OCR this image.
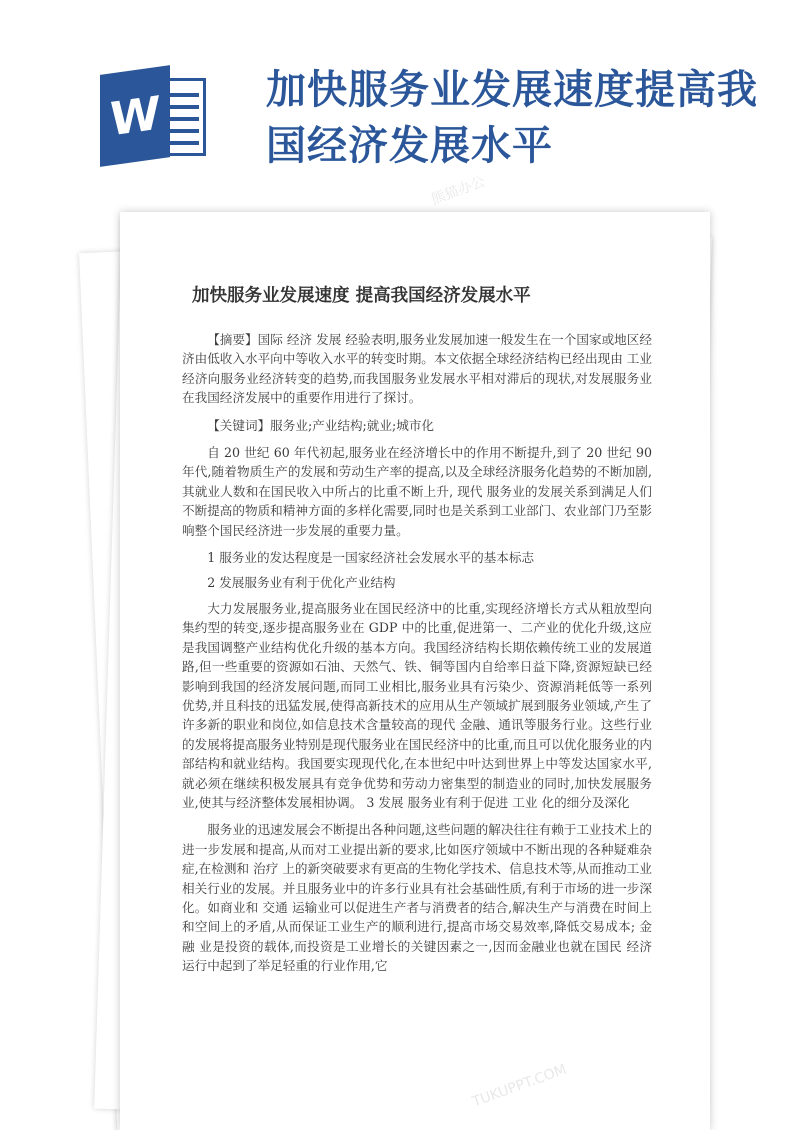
W	加快服务业发展速度提高我国经济发展水平
加快服务业发展速度 提高我国经济发展水平

【摘要】国际 经济 发展 经验表明,服务业发展加速一般发生在一个国家或地区经济由低收入水平向中等收入水平的转变时期。本文依据全球经济结构已经出现由 工业 经济向服务业经济转变的趋势,而我国服务业发展水平相对滞后的现状,对发展服务业在我国经济发展中的重要作用进行了探讨。

【关键词】服务业;产业结构;就业;城市化

自 20 世纪 60 年代初起,服务业在经济增长中的作用不断提升,到了 20 世纪 90 年代,随着物质生产的发展和劳动生产率的提高,以及全球经济服务化趋势的不断加剧,其就业人数和在国民收入中所占的比重不断上升, 现代 服务业的发展关系到满足人们不断提高的物质和精神方面的多样化需要,同时也是关系到工业部门、农业部门乃至影响整个国民经济进一步发展的重要力量。

1 服务业的发达程度是一国家经济社会发展水平的基本标志

2 发展服务业有利于优化产业结构

大力发展服务业,提高服务业在国民经济中的比重,实现经济增长方式从粗放型向集约型的转变,逐步提高服务业在 GDP 中的比重,促进第一、二产业的优化升级,这应是我国调整产业结构优化升级的基本方向。我国经济结构长期依赖传统工业的发展道路,但一些重要的资源如石油、天然气、铁、铜等国内自给率日益下降,资源短缺已经影响到我国的经济发展问题,而同工业相比,服务业具有污染少、资源消耗低等一系列优势,并且科技的迅猛发展,使得高新技术的应用从生产领域扩展到服务业领域,产生了许多新的职业和岗位,如信息技术含量较高的现代 金融、通讯等服务行业。这些行业的发展将提高服务业特别是现代服务业在国民经济中的比重,而且可以优化服务业的内部结构和就业结构。我国要实现现代化,在本世纪中叶达到世界上中等发达国家水平,就必须在继续积极发展具有竞争优势和劳动力密集型的制造业的同时,加快发展服务业,使其与经济整体发展相协调。 3 发展 服务业有利于促进 工业 化的细分及深化

服务业的迅速发展会不断提出各种问题,这些问题的解决往往有赖于工业技术上的进一步发展和提高,从而对工业提出新的要求,比如医疗领域中不断出现的各种疑难杂症,在检测和 治疗 上的新突破要求有更高的生物化学技术、信息技术等,从而推动工业相关行业的发展。并且服务业中的许多行业具有社会基础性质,有利于市场的进一步深化。如商业和 交通 运输业可以促进生产者与消费者的结合,解决生产与消费在时间上和空间上的矛盾,从而保证工业生产的顺利进行,提高市场交易效率,降低交易成本; 金融 业是投资的载体,而投资是工业增长的关键因素之一,因而金融业也就在国民 经济 运行中起到了举足轻重的行业作用,它

熊猫办公
TUKUPPT.COM
